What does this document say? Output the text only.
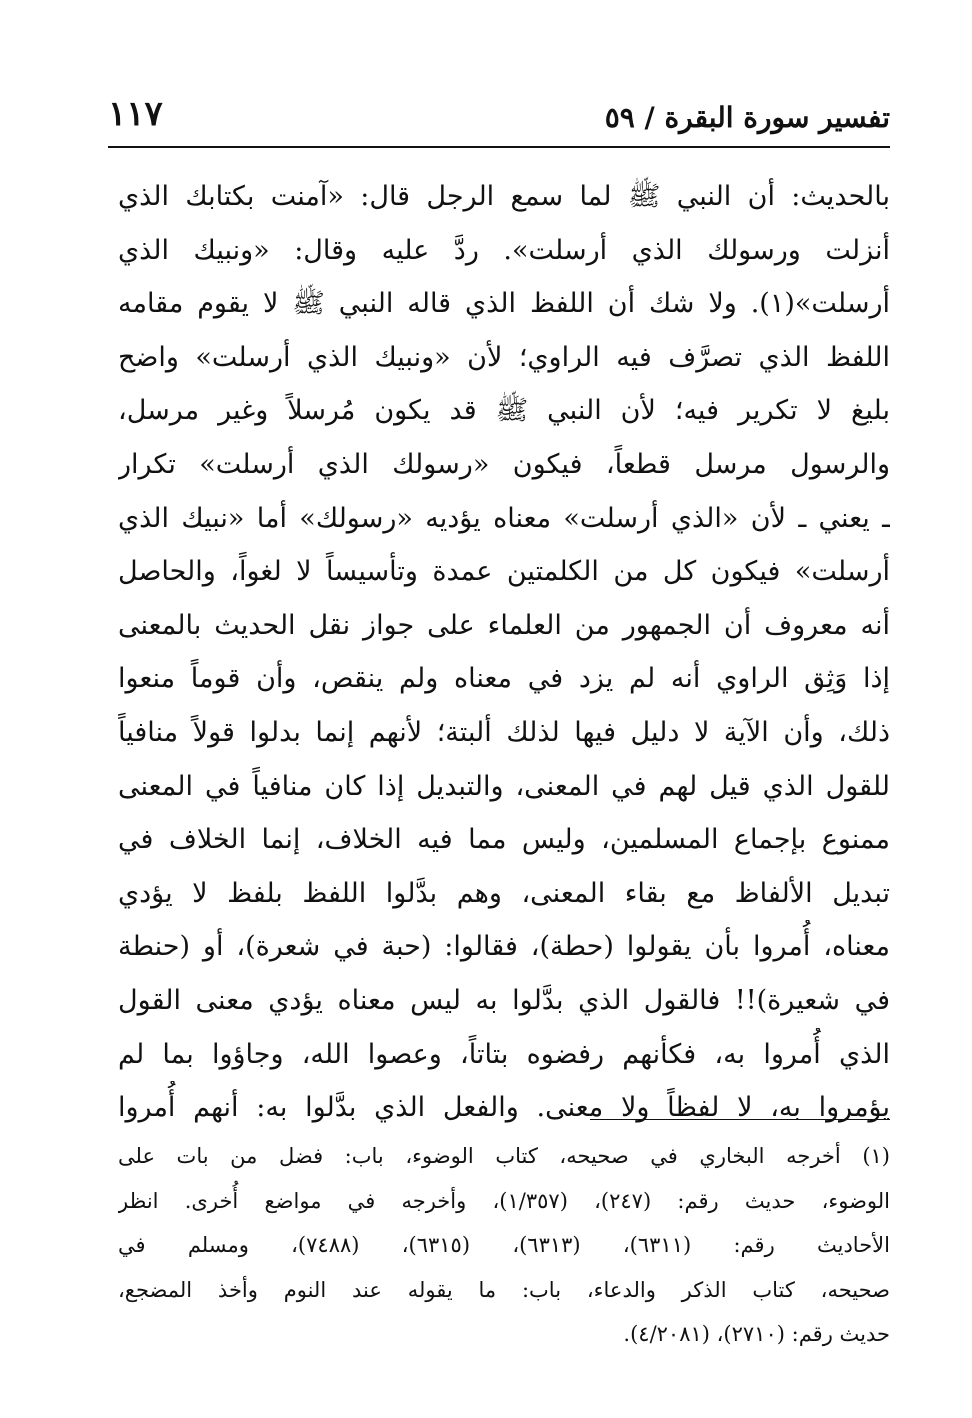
تفسير سورة البقرة / ٥٩
١١٧
بالحديث: أن النبي ﷺ لما سمع الرجل قال: «آمنت بكتابك الذي
أنزلت ورسولك الذي أرسلت». ردَّ عليه وقال: «ونبيك الذي
أرسلت»(١). ولا شك أن اللفظ الذي قاله النبي ﷺ لا يقوم مقامه
اللفظ الذي تصرَّف فيه الراوي؛ لأن «ونبيك الذي أرسلت» واضح
بليغ لا تكرير فيه؛ لأن النبي ﷺ قد يكون مُرسلاً وغير مرسل،
والرسول مرسل قطعاً، فيكون «رسولك الذي أرسلت» تكرار
ـ يعني ـ لأن «الذي أرسلت» معناه يؤديه «رسولك» أما «نبيك الذي
أرسلت» فيكون كل من الكلمتين عمدة وتأسيساً لا لغواً، والحاصل
أنه معروف أن الجمهور من العلماء على جواز نقل الحديث بالمعنى
إذا وَثِق الراوي أنه لم يزد في معناه ولم ينقص، وأن قوماً منعوا
ذلك، وأن الآية لا دليل فيها لذلك ألبتة؛ لأنهم إنما بدلوا قولاً منافياً
للقول الذي قيل لهم في المعنى، والتبديل إذا كان منافياً في المعنى
ممنوع بإجماع المسلمين، وليس مما فيه الخلاف، إنما الخلاف في
تبديل الألفاظ مع بقاء المعنى، وهم بدَّلوا اللفظ بلفظ لا يؤدي
معناه، أُمروا بأن يقولوا (حطة)، فقالوا: (حبة في شعرة)، أو (حنطة
في شعيرة)!! فالقول الذي بدَّلوا به ليس معناه يؤدي معنى القول
الذي أُمروا به، فكأنهم رفضوه بتاتاً، وعصوا الله، وجاؤوا بما لم
يؤمروا به، لا لفظاً ولا معنى. والفعل الذي بدَّلوا به: أنهم أُمروا
(١) أخرجه البخاري في صحيحه، كتاب الوضوء، باب: فضل من بات على
الوضوء، حديث رقم: (٢٤٧)، (١/٣٥٧)، وأخرجه في مواضع أُخرى. انظر
الأحاديث رقم: (٦٣١١)، (٦٣١٣)، (٦٣١٥)، (٧٤٨٨)، ومسلم في
صحيحه، كتاب الذكر والدعاء، باب: ما يقوله عند النوم وأخذ المضجع،
حديث رقم: (٢٧١٠)، (٤/٢٠٨١).
